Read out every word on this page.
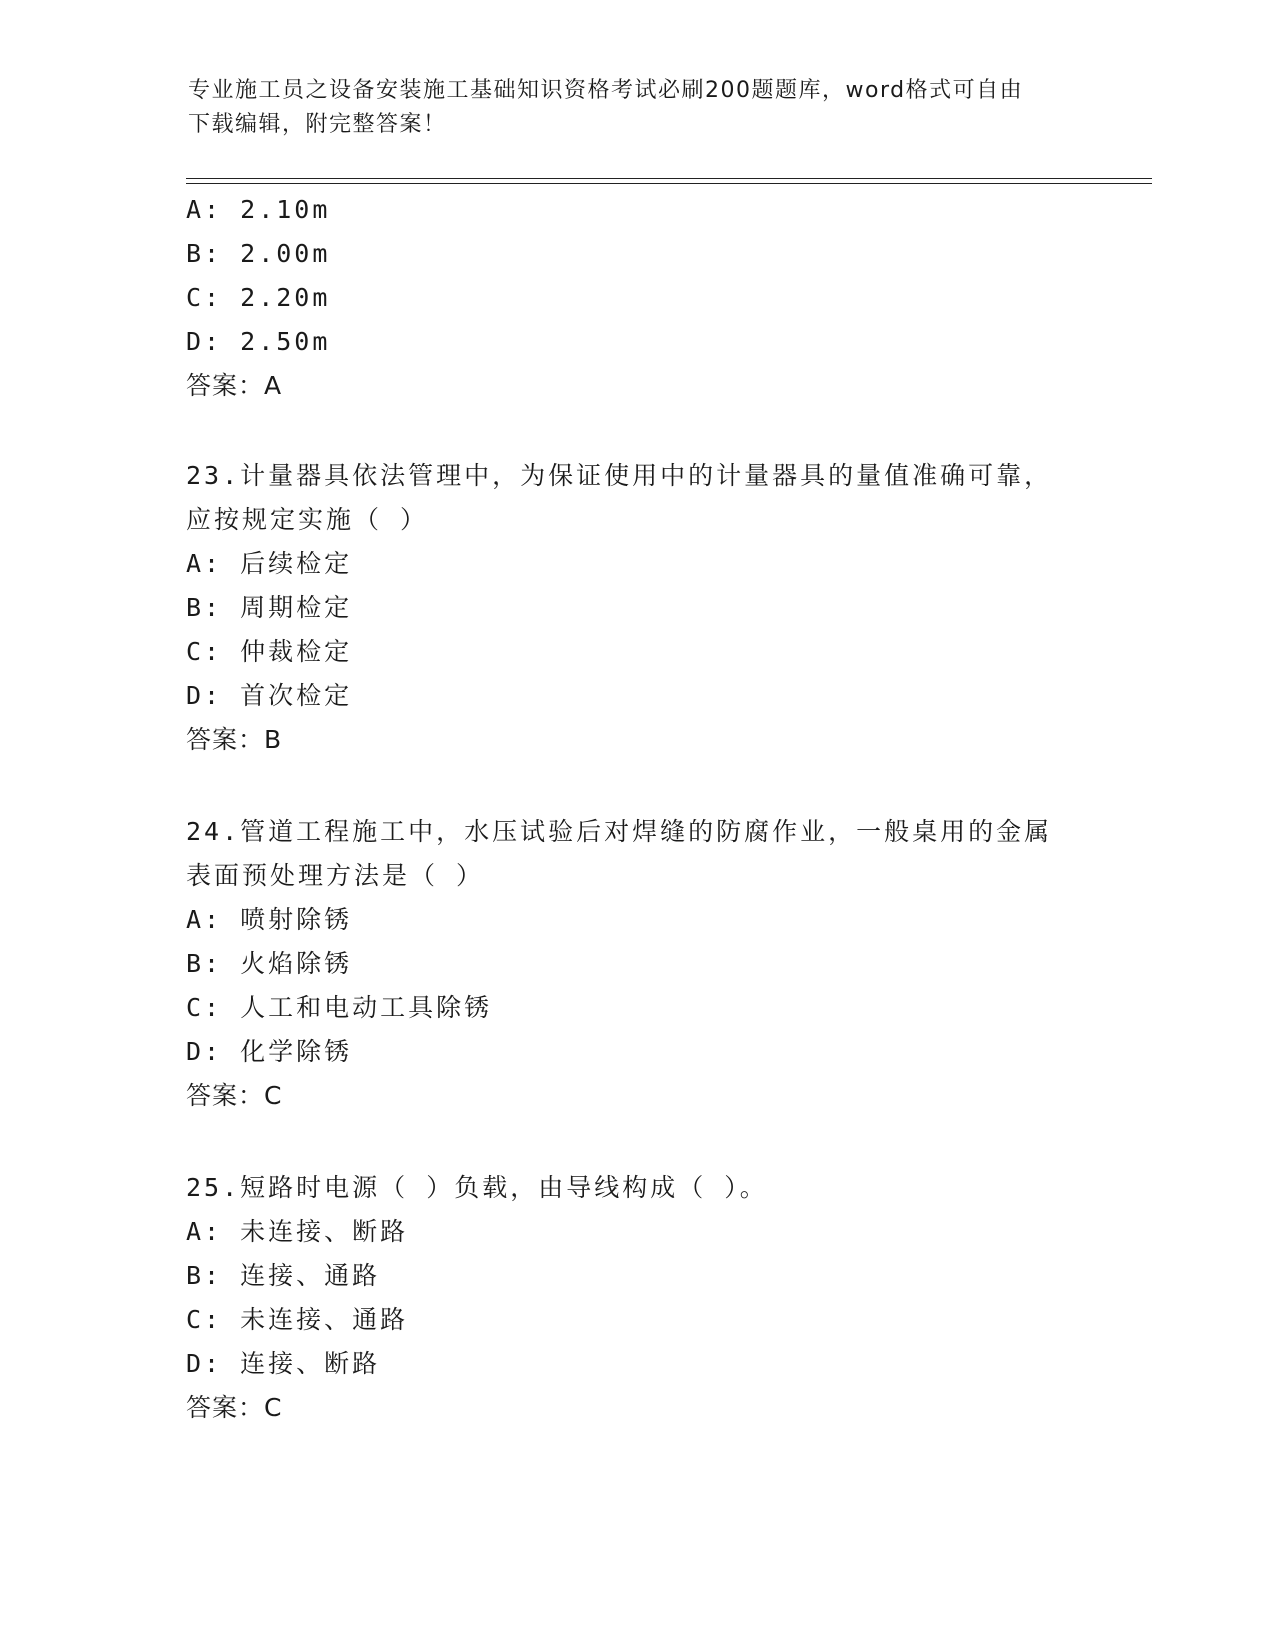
专业施工员之设备安装施工基础知识资格考试必刷200题题库，word格式可自由
下载编辑，附完整答案！
A: 2.10m
B: 2.00m
C: 2.20m
D: 2.50m
答案：A
23.计量器具依法管理中，为保证使用中的计量器具的量值准确可靠，
应按规定实施（ ）
A: 后续检定
B: 周期检定
C: 仲裁检定
D: 首次检定
答案：B
24.管道工程施工中，水压试验后对焊缝的防腐作业，一般桌用的金属
表面预处理方法是（ ）
A: 喷射除锈
B: 火焰除锈
C: 人工和电动工具除锈
D: 化学除锈
答案：C
25.短路时电源（ ）负载，由导线构成（ ）。
A: 未连接、断路
B: 连接、通路
C: 未连接、通路
D: 连接、断路
答案：C
